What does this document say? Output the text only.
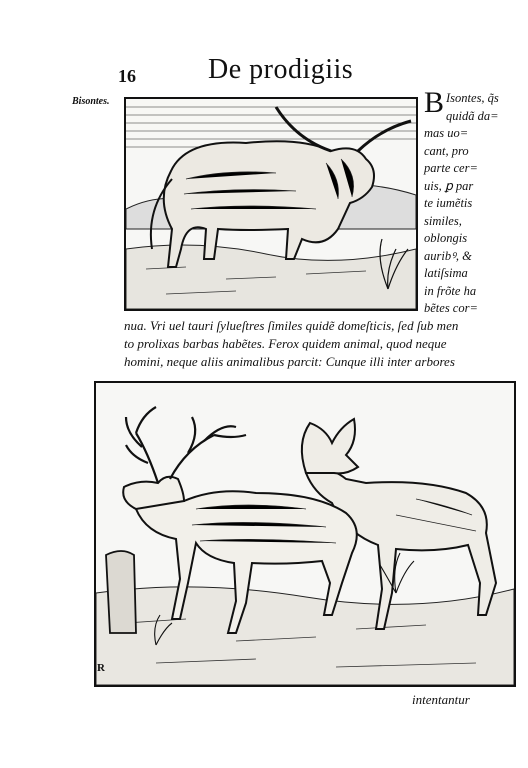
16	De prodigiis
Bisontes.	B Isontes, q̃s
quidã da=
mas uo=
cant, pro
parte cer=
uis, ꝑ par
te iumẽtis
similes,
oblongis
auribꝰ, &
latiſsima
in frõte ha
bẽtes cor=
nua. Vri uel tauri ſylueſtres ſimiles quidẽ domeſticis, ſed ſub men
to prolixas barbas habẽtes. Ferox quidem animal, quod neque
homini, neque aliis animalibus parcit: Cunque illi inter arbores
R
intentantur
